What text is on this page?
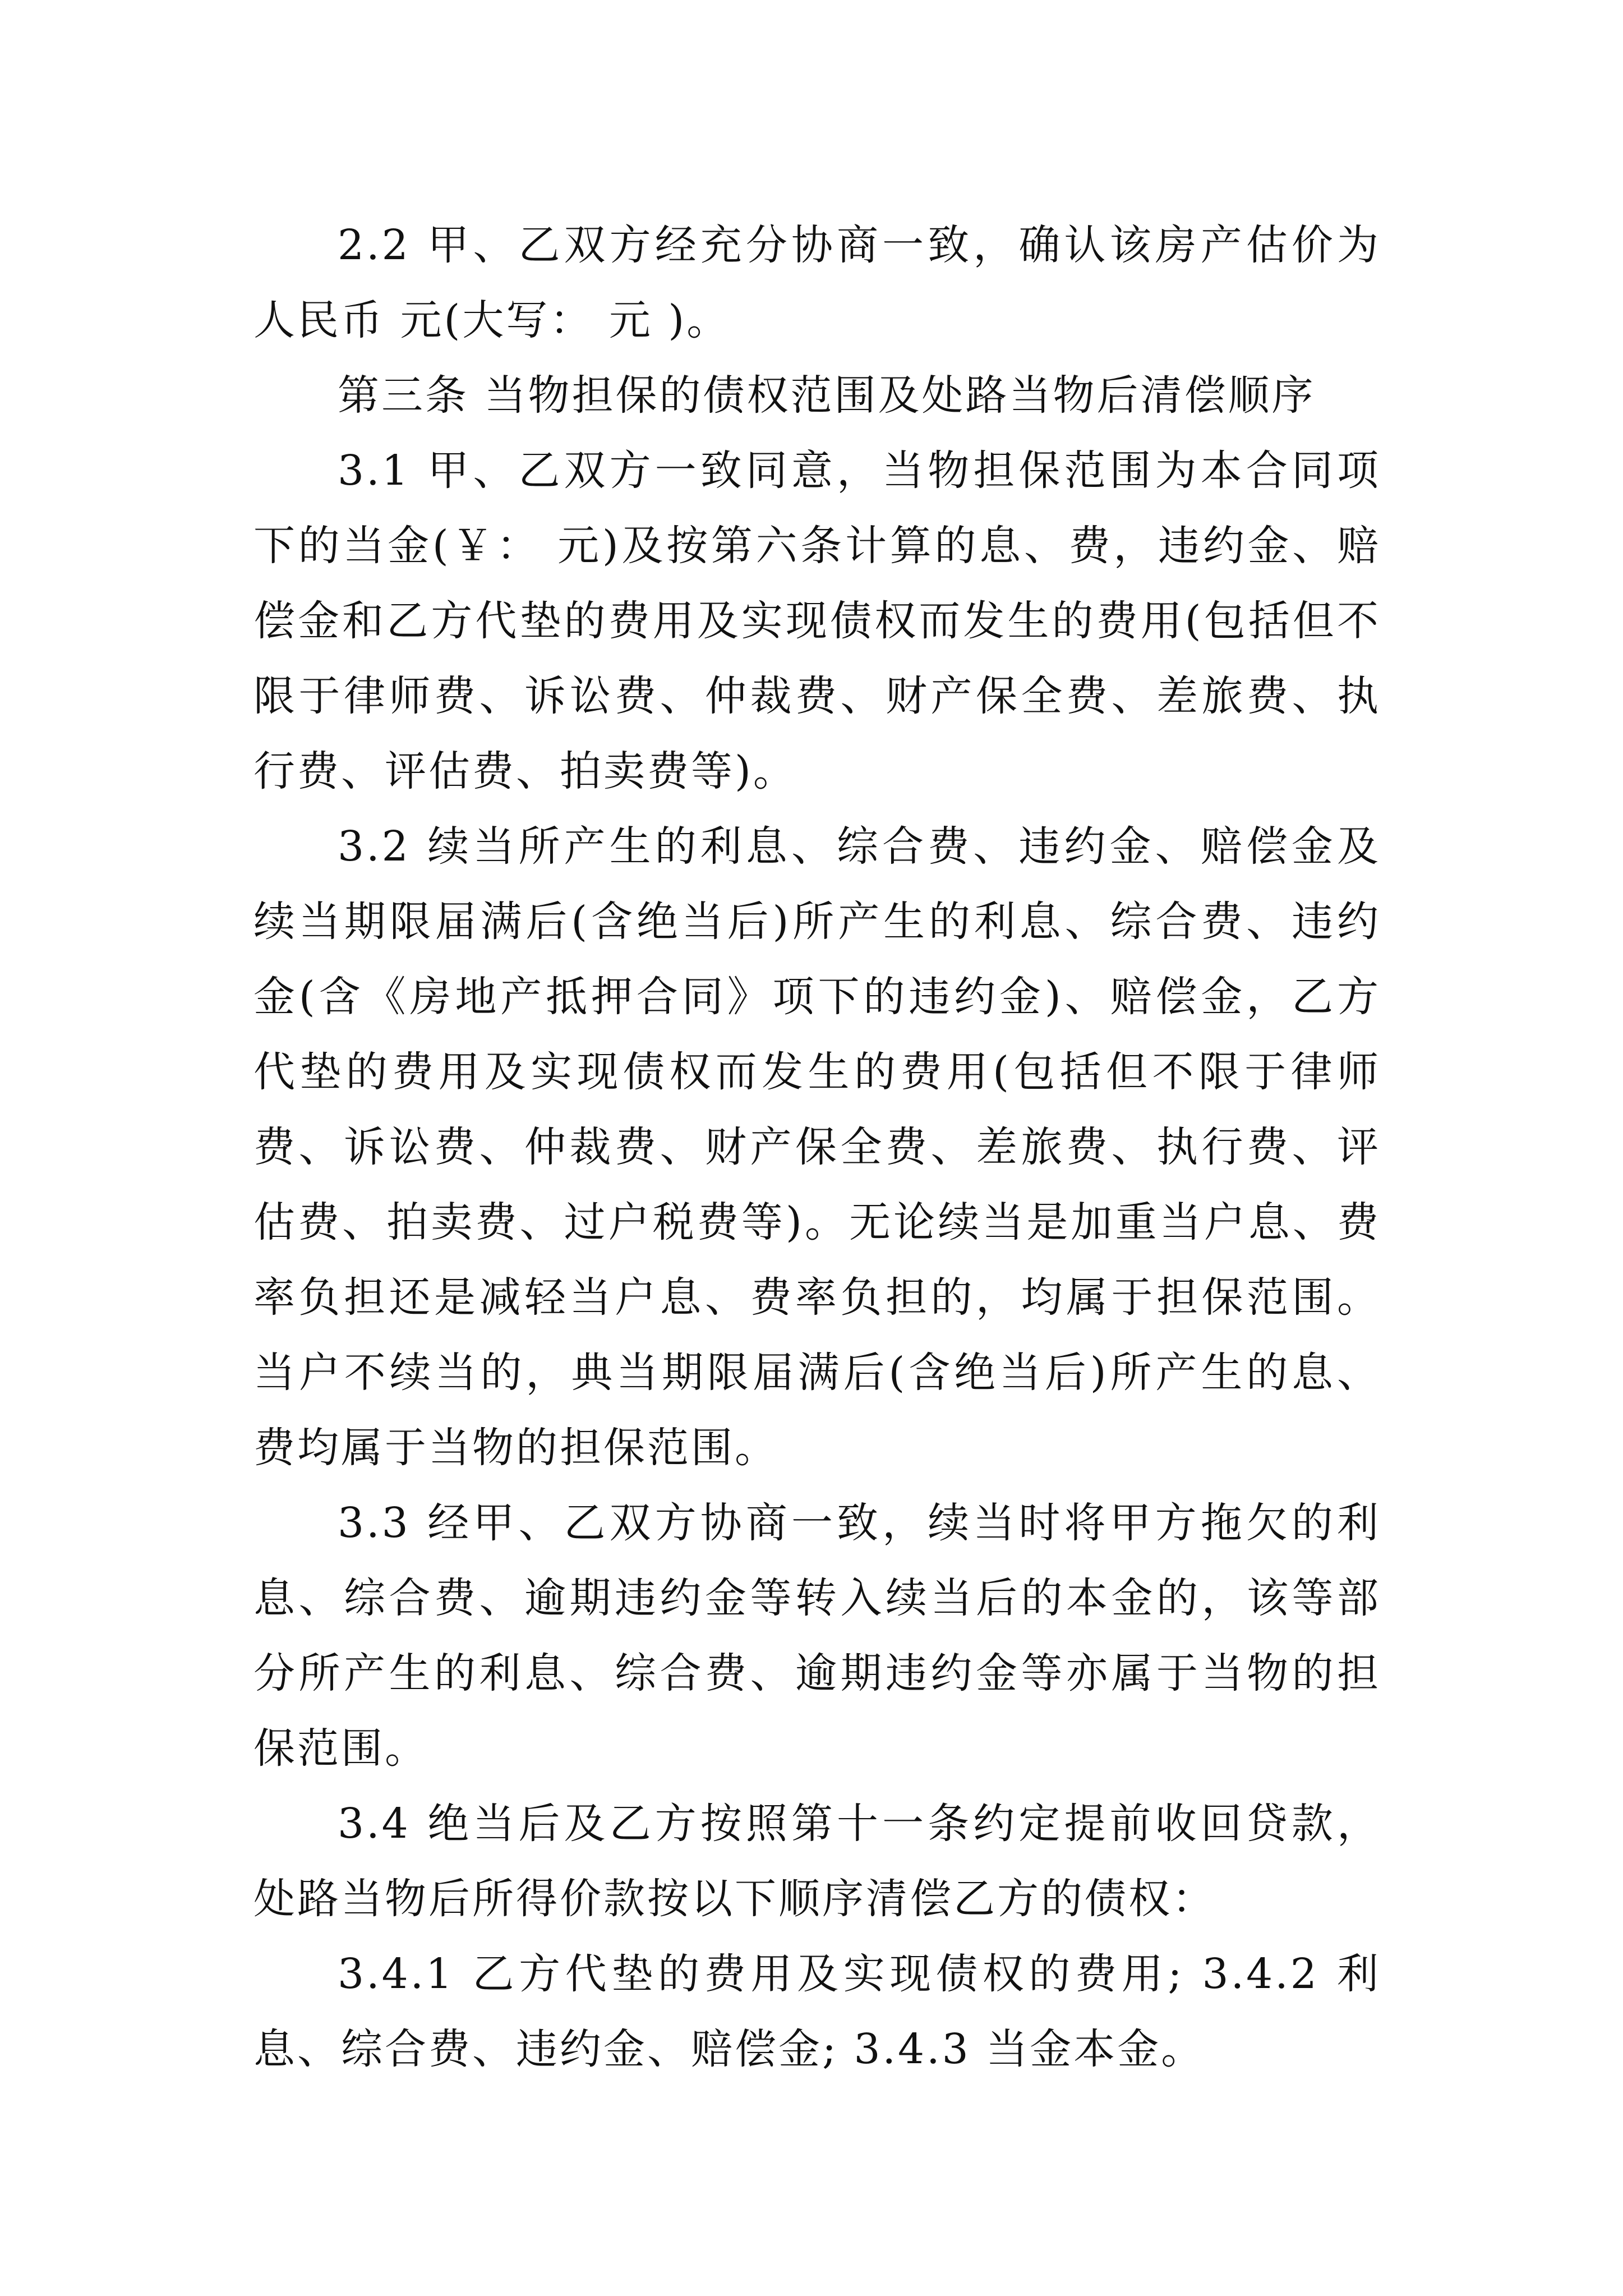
2.2 甲、乙双方经充分协商一致，确认该房产估价为人民币 元(大写： 元 )。

第三条 当物担保的债权范围及处路当物后清偿顺序

3.1 甲、乙双方一致同意，当物担保范围为本合同项下的当金(￥： 元)及按第六条计算的息、费，违约金、赔偿金和乙方代垫的费用及实现债权而发生的费用(包括但不限于律师费、诉讼费、仲裁费、财产保全费、差旅费、执行费、评估费、拍卖费等)。

3.2 续当所产生的利息、综合费、违约金、赔偿金及续当期限届满后(含绝当后)所产生的利息、综合费、违约金(含《房地产抵押合同》项下的违约金)、赔偿金，乙方代垫的费用及实现债权而发生的费用(包括但不限于律师费、诉讼费、仲裁费、财产保全费、差旅费、执行费、评估费、拍卖费、过户税费等)。无论续当是加重当户息、费率负担还是减轻当户息、费率负担的，均属于担保范围。当户不续当的，典当期限届满后(含绝当后)所产生的息、费均属于当物的担保范围。

3.3 经甲、乙双方协商一致，续当时将甲方拖欠的利息、综合费、逾期违约金等转入续当后的本金的，该等部分所产生的利息、综合费、逾期违约金等亦属于当物的担保范围。

3.4 绝当后及乙方按照第十一条约定提前收回贷款，处路当物后所得价款按以下顺序清偿乙方的债权：

3.4.1 乙方代垫的费用及实现债权的费用; 3.4.2 利息、综合费、违约金、赔偿金; 3.4.3 当金本金。
